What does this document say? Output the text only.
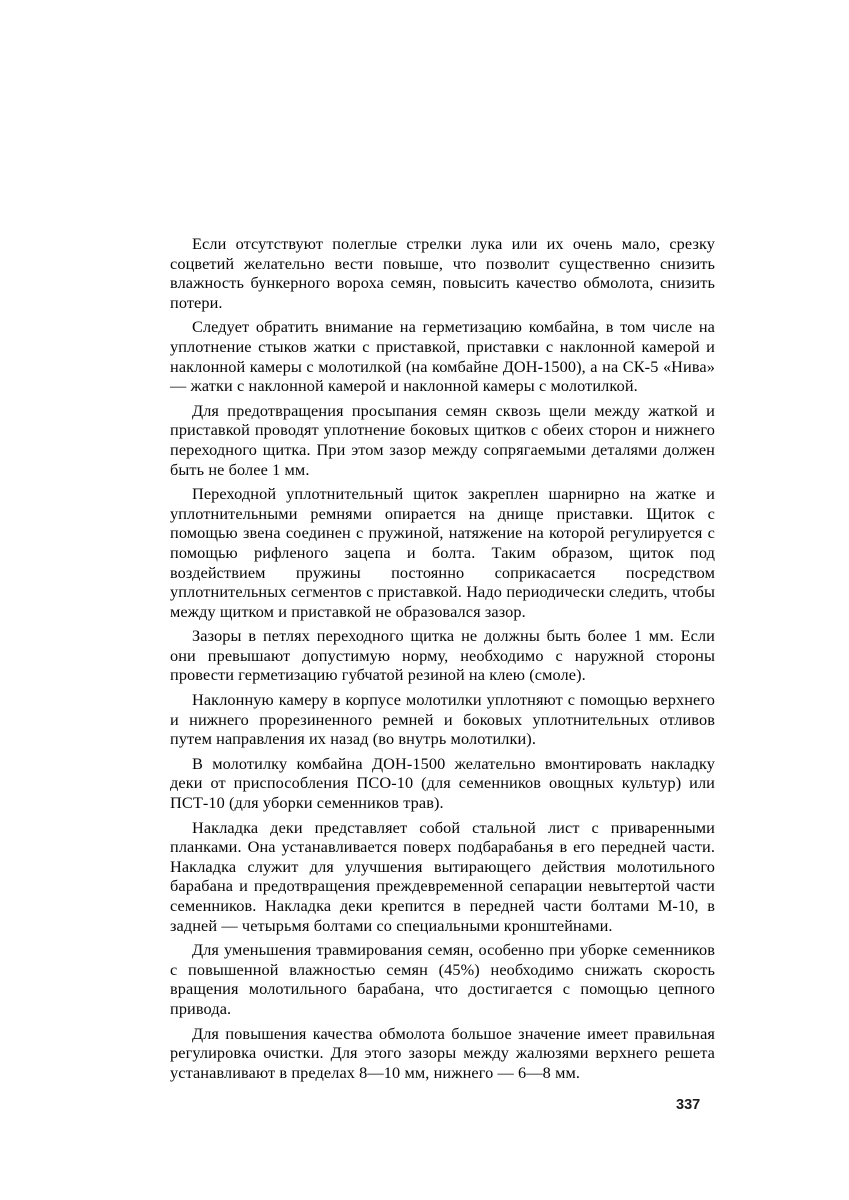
Если отсутствуют полеглые стрелки лука или их очень мало, срезку соцветий желательно вести повыше, что позволит существенно снизить влажность бункерного вороха семян, повысить качество обмолота, снизить потери.

Следует обратить внимание на герметизацию комбайна, в том числе на уплотнение стыков жатки с приставкой, приставки с наклонной камерой и наклонной камеры с молотилкой (на комбайне ДОН-1500), а на СК-5 «Нива» — жатки с наклонной камерой и наклонной камеры с молотилкой.

Для предотвращения просыпания семян сквозь щели между жаткой и приставкой проводят уплотнение боковых щитков с обеих сторон и нижнего переходного щитка. При этом зазор между сопрягаемыми деталями должен быть не более 1 мм.

Переходной уплотнительный щиток закреплен шарнирно на жатке и уплотнительными ремнями опирается на днище приставки. Щиток с помощью звена соединен с пружиной, натяжение на которой регулируется с помощью рифленого зацепа и болта. Таким образом, щиток под воздействием пружины постоянно соприкасается посредством уплотнительных сегментов с приставкой. Надо периодически следить, чтобы между щитком и приставкой не образовался зазор.

Зазоры в петлях переходного щитка не должны быть более 1 мм. Если они превышают допустимую норму, необходимо с наружной стороны провести герметизацию губчатой резиной на клею (смоле).

Наклонную камеру в корпусе молотилки уплотняют с помощью верхнего и нижнего прорезиненного ремней и боковых уплотнительных отливов путем направления их назад (во внутрь молотилки).

В молотилку комбайна ДОН-1500 желательно вмонтировать накладку деки от приспособления ПСО-10 (для семенников овощных культур) или ПСТ-10 (для уборки семенников трав).

Накладка деки представляет собой стальной лист с приваренными планками. Она устанавливается поверх подбарабанья в его передней части. Накладка служит для улучшения вытирающего действия молотильного барабана и предотвращения преждевременной сепарации невытертой части семенников. Накладка деки крепится в передней части болтами М-10, в задней — четырьмя болтами со специальными кронштейнами.

Для уменьшения травмирования семян, особенно при уборке семенников с повышенной влажностью семян (45%) необходимо снижать скорость вращения молотильного барабана, что достигается с помощью цепного привода.

Для повышения качества обмолота большое значение имеет правильная регулировка очистки. Для этого зазоры между жалюзями верхнего решета устанавливают в пределах 8—10 мм, нижнего — 6—8 мм.

337
